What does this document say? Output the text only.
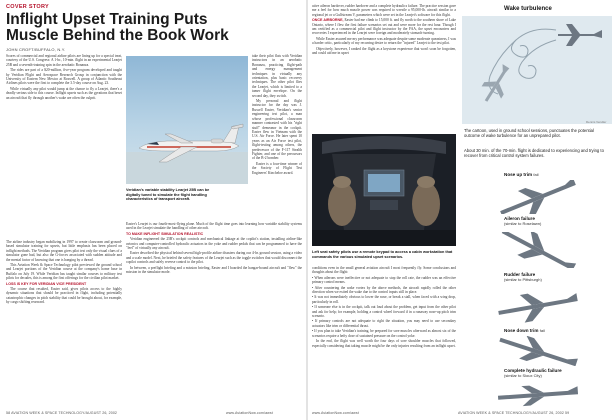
COVER STORY
Inflight Upset Training Puts
Muscle Behind the Book Work
JOHN CROFT/BUFFALO, N.Y.

Scores of commercial and regional airline pilots are lining up for a special treat, courtesy of the U.S. Congress: A 1-hr., 10-min. flight in an experimental Learjet 25B and a seventh-training spin in the aerobatic Bonanza.

The rides are part of a $20-million, five-year program developed and taught by Veridian Flight and Aerospace Research Group in conjunction with the University of Eastern New Mexico at Roswell. A group of Atlantic Southeast Airlines pilots were the first to complete the 3.5-day course on Aug. 23.

While virtually any pilot would jump at the chance to fly a Learjet, there's a deadly serious side to this course. Inflight upsets such as the gyrations that beset an aircraft that fly through another's wake are often the culprit.

take their pilot flats with Veridian instructors in an aerobatic Bonanza, practicing flight-path and energy management techniques in virtually any orientation, plus basic recovery techniques. The other pilot flies the Learjet, which is limited to a tamer flight envelope. On the second day, they switch.

My personal and flight instructor for the day was J. Russell Easter, Veridian's senior engineering test pilot, a man whose professional classroom manner contrasted with his "right stuff" demeanor in the cockpit. Easter flew in Vietnam with the U.S. Air Force. He later spent 10 years as an Air Force test pilot, flight-testing among others, the predecessor of the F-117 Stealth Fighter, and one of the precursors of the B-2 bomber.

Easter is a four-time winner of the Society of Flight Test Engineers' Kincheloe award.

Veridian's variable stability Learjet 25B can be digitally tuned to simulate the flight handling characteristics of transport aircraft.

The airline industry began mobilizing in 1997 to create classroom and ground-based simulator training for upsets, but little emphasis has been placed on inflight methods. The Veridian program gives pilot test only the visual clues of a simulator gone bad, but also the G-forces associated with sudden attitude and the mental factor of knowing that one is hanging by a thread.

This Aviation Week & Space Technology pilot previewed the ground school and Learjet portions of the Veridian course at the company's home base in Buffalo on July 19. While Veridian has taught similar courses to military test pilots for decades, this is among the first offerings for the civilian pilot market.

LOSS IS KEY FOR VERIDIAN VICE PRESIDENT

The course that resulted, Easter said, gives pilots access to the highly dynamic situations that should be practiced in flight, including potentially catastrophic changes in pitch stability that could be brought about, for example, by cargo shifting rearward.

Easter's Learjet is our fourth-most-flying plane. Much of the flight time goes into learning how variable stability systems used in the Learjet simulate the handling of other aircraft.

TO MAKE INFLIGHT SIMULATION REALISTIC

Veridian engineered the 25B's cockpit controls and mechanical linkage at the copilot's station, installing airline-like avionics and computer-controlled hydraulic actuators in the yoke and rudder pedals that can be programmed to have the "feel" of virtually any aircraft.

Easter described the physical behind several high-profile airline disasters during our 4-hr. ground session, using a video and a scale model. Next, he briefed the safety features of the Learjet such as the toggle switches that would disconnect the copilot controls and safely reverse control to the pilot.

In between, a preflight briefing and a mission briefing, Easter and I boarded the hangar-bound aircraft and "flew" the mission in the simulator mode.

58 AVIATION WEEK & SPACE TECHNOLOGY/AUGUST 26, 2002	www.AviationNow.com/awst

utive aileron hardover, rudder hardover and a complete hydraulics failure. The practice session gave me a feel for how much muscle power was required to wrestle a 95,000-lb. aircraft similar to a regional jet or a Gulfstream V, parameters which were set in the Learjet's software for this flight.

ONCE AIRBORNE, Easter had me climb to 15,000 ft. and fly north to the southern shore of Lake Ontario, where I flew the first failure scenarios set out and were more for the rest hour. Though I am certified as a commercial pilot and flight instructor by the FAA, the upset encounters and recoveries I experienced in the Learjet were foreign and moderately stomach-turning.

While Easter assured me my performance was adequate despite some moderate queasiness, I was a harder critic, particularly of my recurring desire to return the "injured" Learjet to the test pilot.

Objectively, however, I ranked the flight as a keystone experience that won't soon be forgotten, and could aid me in upset

Left seat safety pilots use a remote keypad to access a cabin workstation that commands the various simulated upset scenarios.

conditions even in the small general aviation aircraft I most frequently fly. Some conclusions and thoughts about the flight:

• When ailerons were ineffective or not adequate to stop the roll rate, the rudder was an effective primary control means.

• After countering the wake vortex by the above methods, the aircraft rapidly rolled the other direction when we exited the wake due to the control inputs still in place.

• It was not immediately obvious to lower the nose, or break a stall, when faced with a wing drop, particularly in roll.

• If someone else is in the cockpit, talk out loud about the problem, get input from the other pilot and ask for help; for example, holding a control wheel forward if in a runaway nose-up pitch trim scenario.

• If primary controls are not adequate to right the situation, you may need to use secondary actuators like trim or differential thrust.

• If you plan to take Veridian's training, be prepared for sore muscles afterward as almost six of the scenarios require a hefty dose of sustained pressure on the control yoke.

In the end, the flight was well worth the four days of sore shoulder muscles that followed, especially considering that taking muscle might be the only injuries resulting from an inflight upset.

Wake turbulence
Dennis Vendler
The cartoon, used in ground school sessions, punctuates the potential outcome of wake turbulence for an unprepared pilot.
About 30 min. of the 70-min. flight is dedicated to experiencing and trying to recover from critical control system failures.
Nose up trim fail
Aileron failure
(similar to Roselawn)
Rudder failure
(similar to Pittsburgh)
Nose down trim fail
Complete hydraulic failure
(similar to Sioux City)
www.AviationNow.com/awst	AVIATION WEEK & SPACE TECHNOLOGY/AUGUST 26, 2002 59
